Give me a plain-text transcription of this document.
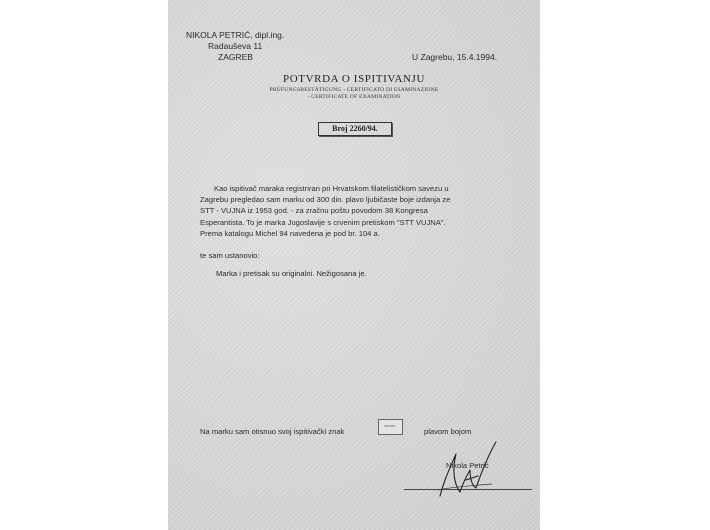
NIKOLA PETRIĆ, dipl.ing.
Radauševa 11
ZAGREB	U Zagrebu, 15.4.1994.
POTVRDA O ISPITIVANJU
PRÜFUNGSBESTÄTIGUNG - CERTIFICATO DI ESAMINAZIONE
- CERTIFICATE OF EXAMINATION
Broj 2260/94.

Kao ispitivač maraka registriran pri Hrvatskom filatelističkom savezu u

Zagrebu pregledao sam marku od 300 din. plavo ljubičaste boje izdanja ze

STT - VUJNA iz 1953 god. - za zračnu poštu povodom 38 Kongresa

Esperantista. To je marka Jugoslavije s crvenim pretiskom "STT VUJNA".

Prema katalogu Michel 94 navedena je pod br. 104 a.

te sam ustanovio:
Marka i pretisak su originalni. Nežigosana je.
Na marku sam otisnuo svoj ispitivački znak
PETRIĆ
plavom bojom
Nikola Petrić
